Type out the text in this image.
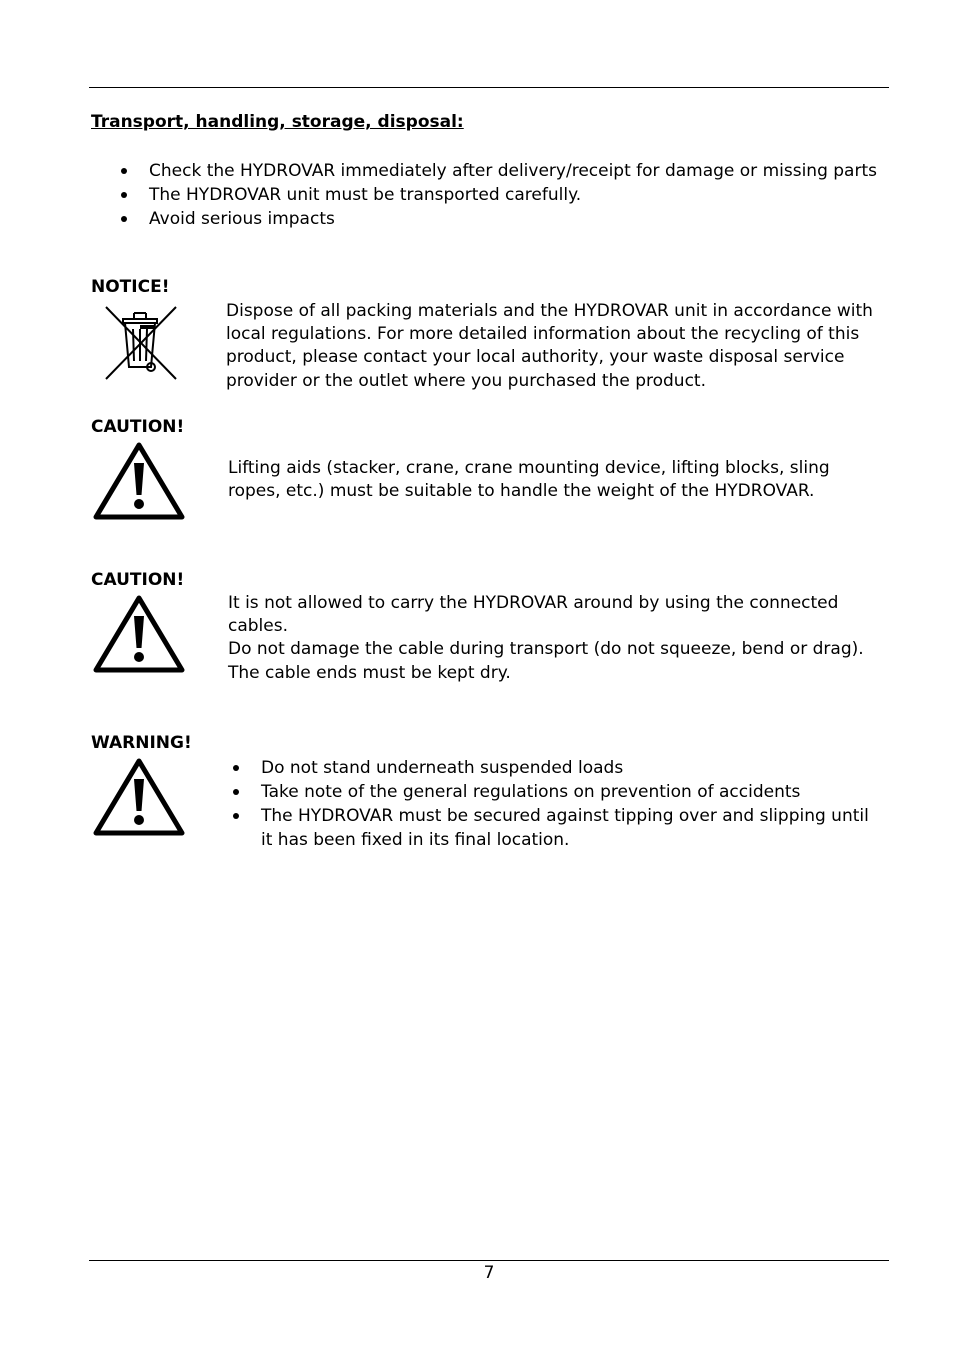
Transport, handling, storage, disposal:
Check the HYDROVAR immediately after delivery/receipt for damage or missing parts
The HYDROVAR unit must be transported carefully.
Avoid serious impacts
NOTICE!
Dispose of all packing materials and the HYDROVAR unit in accordance with
local regulations. For more detailed information about the recycling of this
product, please contact your local authority, your waste disposal service
provider or the outlet where you purchased the product.
CAUTION!
Lifting aids (stacker, crane, crane mounting device, lifting blocks, sling
ropes, etc.) must be suitable to handle the weight of the HYDROVAR.
CAUTION!
It is not allowed to carry the HYDROVAR around by using the connected
cables.
Do not damage the cable during transport (do not squeeze, bend or drag).
The cable ends must be kept dry.
WARNING!
Do not stand underneath suspended loads
Take note of the general regulations on prevention of accidents
The HYDROVAR must be secured against tipping over and slipping until
it has been fixed in its final location.
7
